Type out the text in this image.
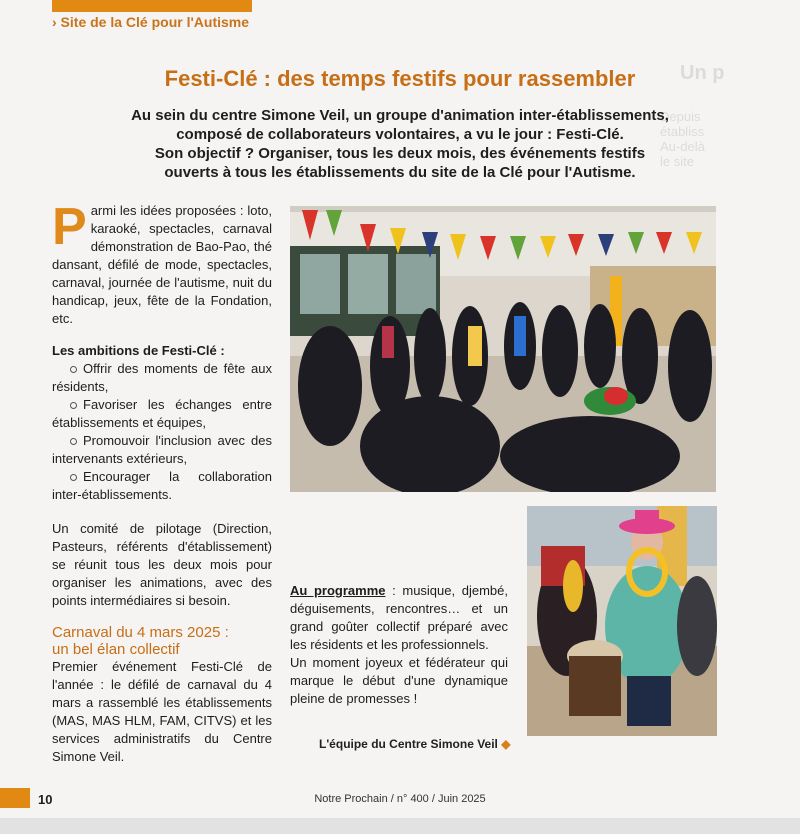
› Site de la Clé pour l'Autisme
Un p
Depuis
établiss
Au-delà
le site
Festi-Clé : des temps festifs pour rassembler
Au sein du centre Simone Veil, un groupe d'animation inter-établissements,
composé de collaborateurs volontaires, a vu le jour : Festi-Clé.
Son objectif ? Organiser, tous les deux mois, des événements festifs
ouverts à tous les établissements du site de la Clé pour l'Autisme.
Parmi les idées proposées : loto, karaoké, spectacles, carnaval démonstration de Bao-Pao, thé dansant, défilé de mode, spectacles, carnaval, journée de l'autisme, nuit du handicap, jeux, fête de la Fondation, etc.
Les ambitions de Festi-Clé :
Offrir des moments de fête aux résidents,
Favoriser les échanges entre établissements et équipes,
Promouvoir l'inclusion avec des intervenants extérieurs,
Encourager la collaboration inter-établissements.
Un comité de pilotage (Direction, Pasteurs, référents d'établissement) se réunit tous les deux mois pour organiser les animations, avec des points intermédiaires si besoin.
Carnaval du 4 mars 2025 :
un bel élan collectif
Premier événement Festi-Clé de l'année : le défilé de carnaval du 4 mars a rassemblé les établissements (MAS, MAS HLM, FAM, CITVS) et les services administratifs du Centre Simone Veil.
Au programme : musique, djembé, déguisements, rencontres… et un grand goûter collectif préparé avec les résidents et les professionnels.
Un moment joyeux et fédérateur qui marque le début d'une dynamique pleine de promesses !
L'équipe du Centre Simone Veil ◆
10	Notre Prochain / n° 400 / Juin 2025
